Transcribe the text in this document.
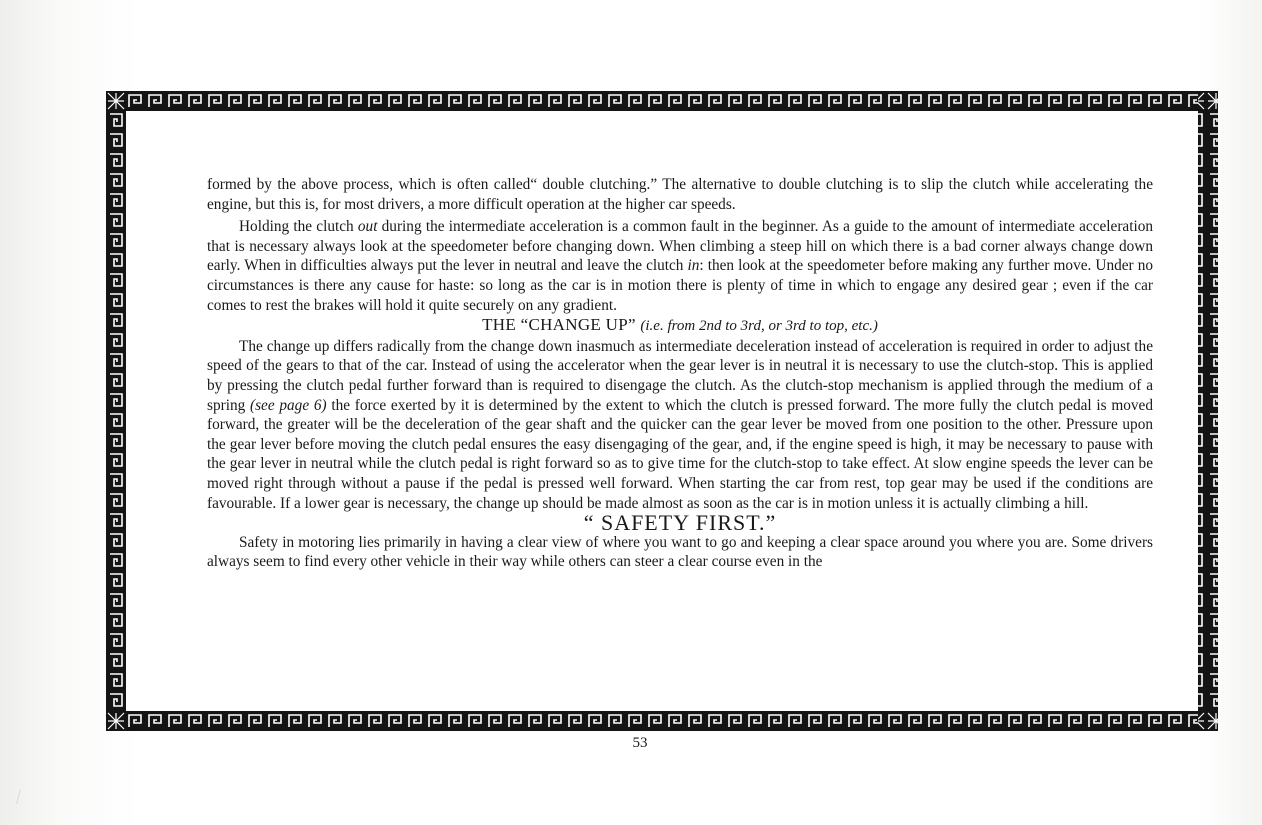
formed by the above process, which is often called“ double clutching.” The alternative to double clutching is to slip the clutch while accelerating the engine, but this is, for most drivers, a more difficult operation at the higher car speeds.

Holding the clutch out during the intermediate acceleration is a common fault in the beginner. As a guide to the amount of intermediate acceleration that is necessary always look at the speedometer before changing down. When climbing a steep hill on which there is a bad corner always change down early. When in difficulties always put the lever in neutral and leave the clutch in: then look at the speedometer before making any further move. Under no circumstances is there any cause for haste: so long as the car is in motion there is plenty of time in which to engage any desired gear ; even if the car comes to rest the brakes will hold it quite securely on any gradient.

THE “CHANGE UP” (i.e. from 2nd to 3rd, or 3rd to top, etc.)

The change up differs radically from the change down inasmuch as intermediate deceleration instead of acceleration is required in order to adjust the speed of the gears to that of the car. Instead of using the accelerator when the gear lever is in neutral it is necessary to use the clutch-stop. This is applied by pressing the clutch pedal further forward than is required to disengage the clutch. As the clutch-stop mechanism is applied through the medium of a spring (see page 6) the force exerted by it is determined by the extent to which the clutch is pressed forward. The more fully the clutch pedal is moved forward, the greater will be the deceleration of the gear shaft and the quicker can the gear lever be moved from one position to the other. Pressure upon the gear lever before moving the clutch pedal ensures the easy disengaging of the gear, and, if the engine speed is high, it may be necessary to pause with the gear lever in neutral while the clutch pedal is right forward so as to give time for the clutch-stop to take effect. At slow engine speeds the lever can be moved right through without a pause if the pedal is pressed well forward. When starting the car from rest, top gear may be used if the conditions are favourable. If a lower gear is necessary, the change up should be made almost as soon as the car is in motion unless it is actually climbing a hill.

“ SAFETY FIRST.”

Safety in motoring lies primarily in having a clear view of where you want to go and keeping a clear space around you where you are. Some drivers always seem to find every other vehicle in their way while others can steer a clear course even in the

53
